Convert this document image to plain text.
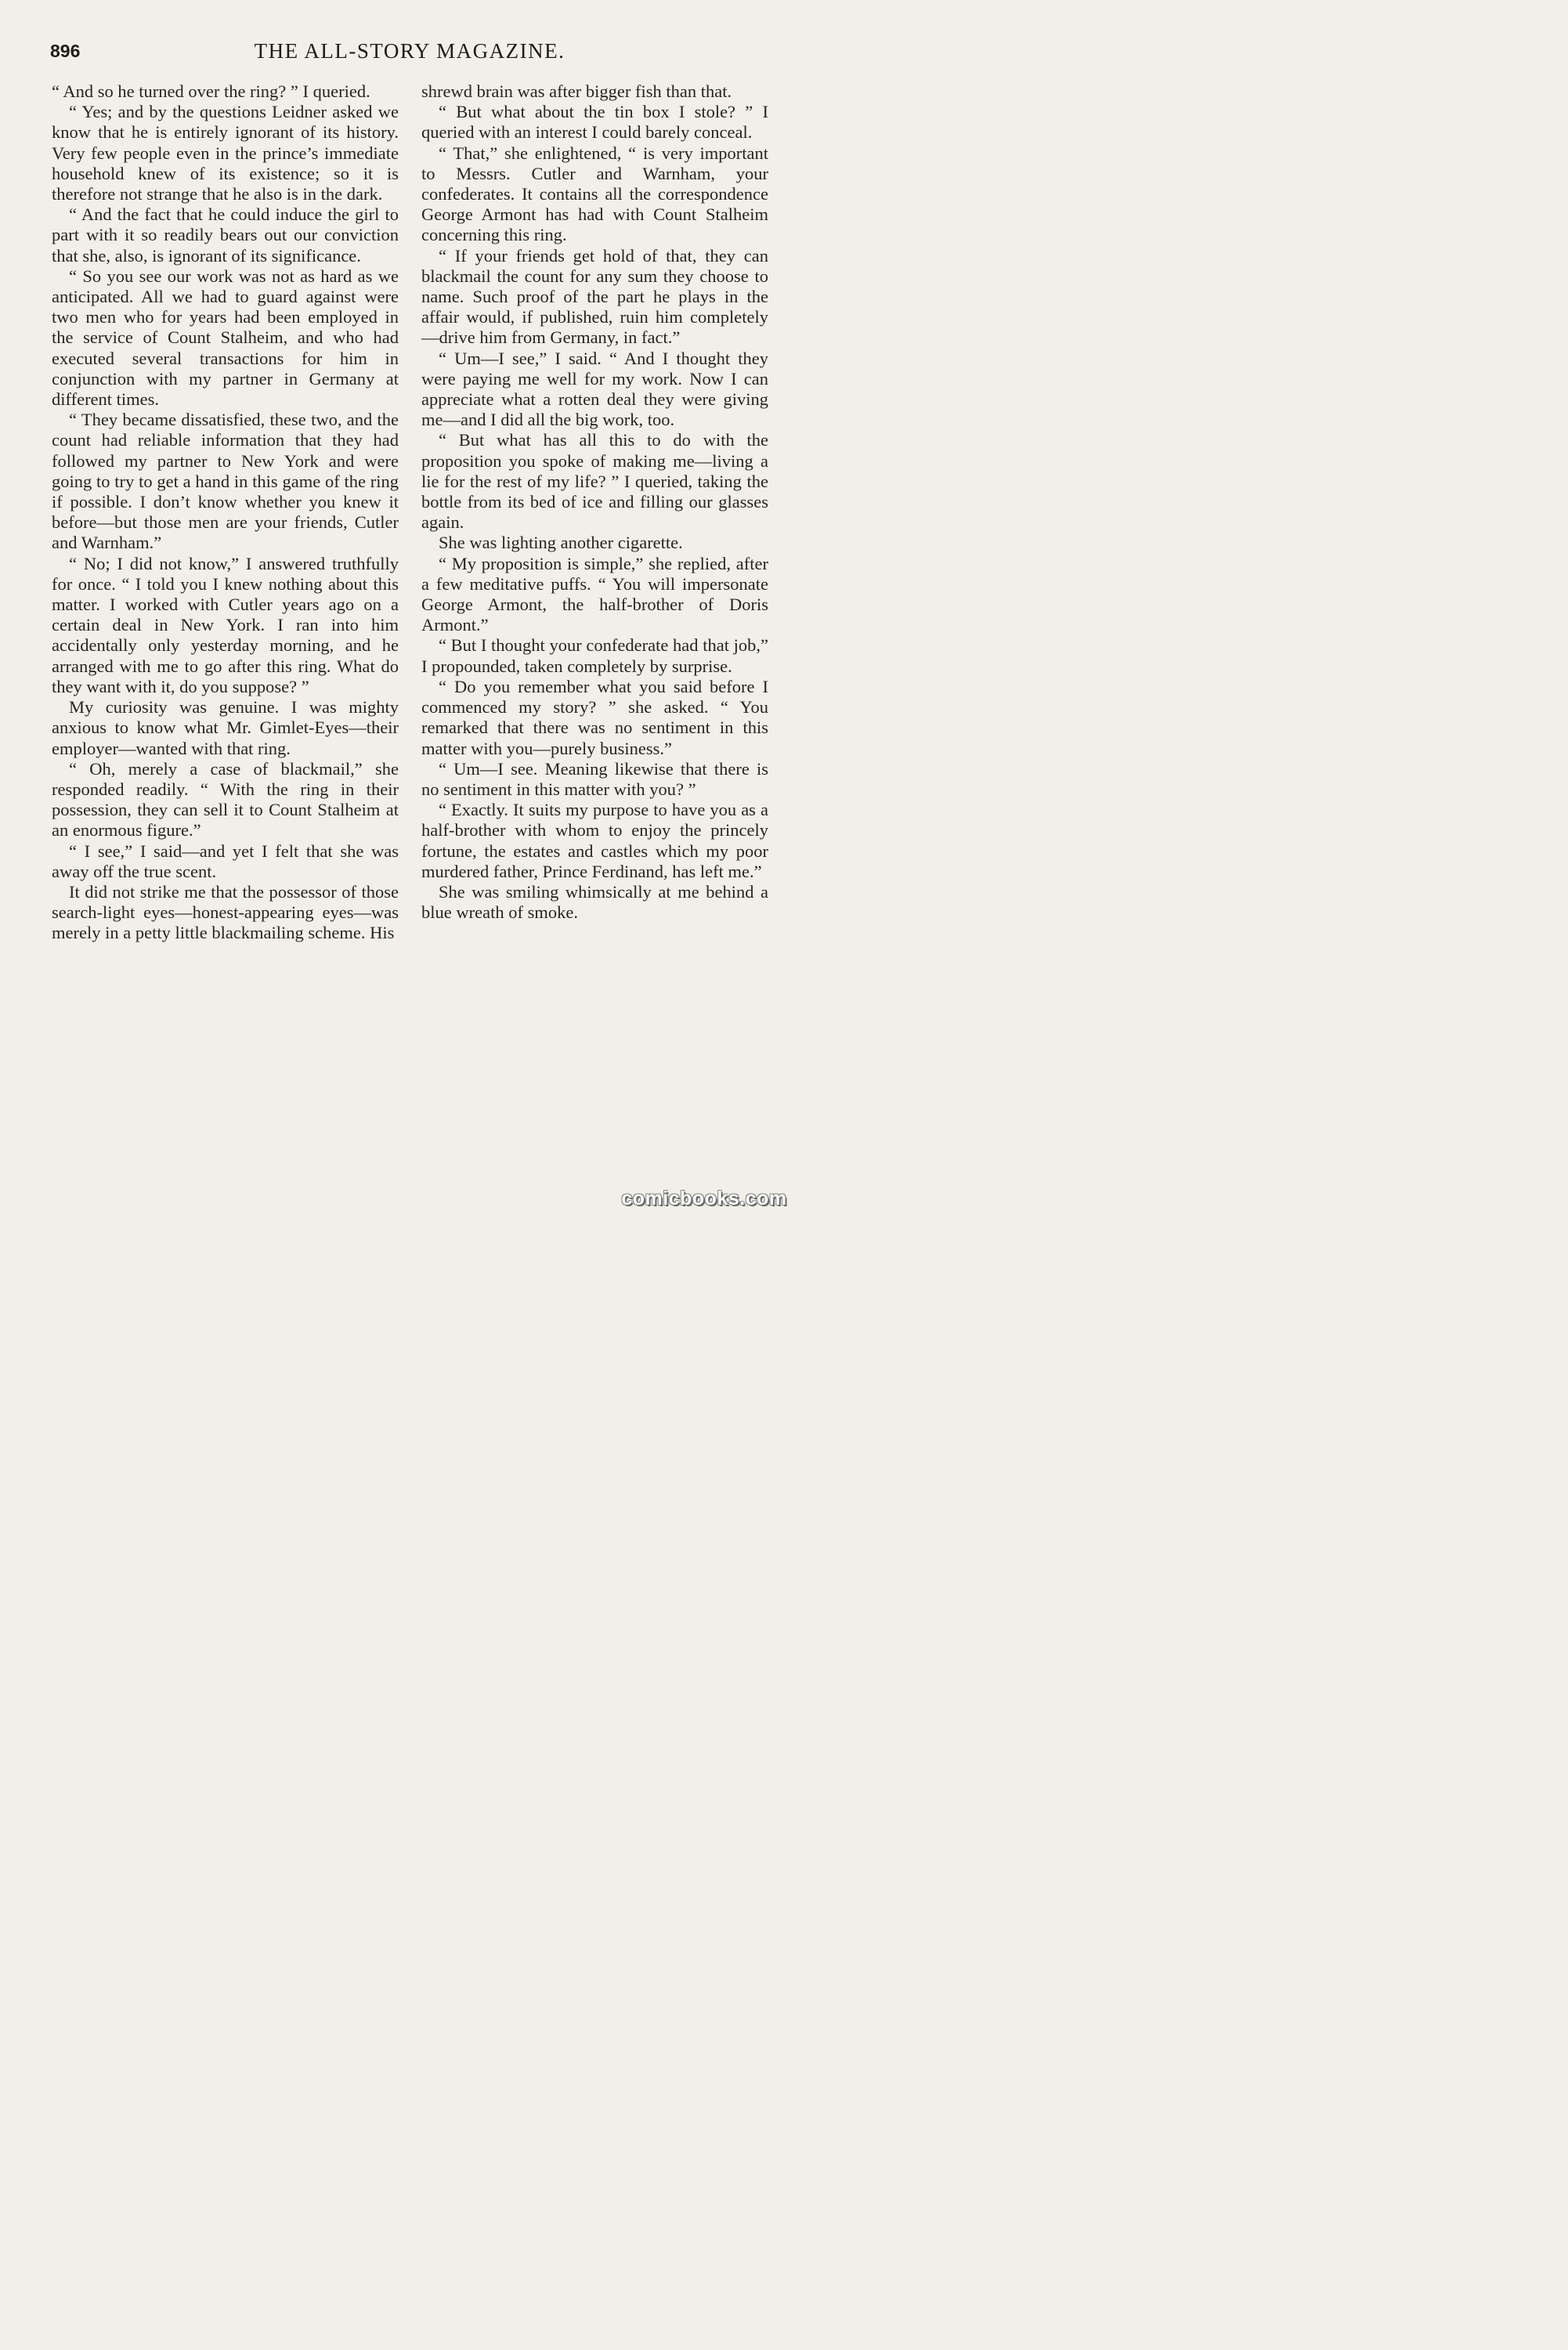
896	THE ALL-STORY MAGAZINE.

“ And so he turned over the ring? ” I queried.

“ Yes; and by the questions Leidner asked we know that he is entirely ignorant of its history. Very few people even in the prince’s immediate household knew of its existence; so it is therefore not strange that he also is in the dark.

“ And the fact that he could induce the girl to part with it so readily bears out our conviction that she, also, is ignorant of its significance.

“ So you see our work was not as hard as we anticipated. All we had to guard against were two men who for years had been employed in the service of Count Stalheim, and who had executed several transactions for him in conjunction with my partner in Germany at different times.

“ They became dissatisfied, these two, and the count had reliable information that they had followed my partner to New York and were going to try to get a hand in this game of the ring if possible. I don’t know whether you knew it before—but those men are your friends, Cutler and Warnham.”

“ No; I did not know,” I answered truthfully for once. “ I told you I knew nothing about this matter. I worked with Cutler years ago on a certain deal in New York. I ran into him accidentally only yesterday morning, and he arranged with me to go after this ring. What do they want with it, do you suppose? ”

My curiosity was genuine. I was mighty anxious to know what Mr. Gimlet-Eyes—their employer—wanted with that ring.

“ Oh, merely a case of blackmail,” she responded readily. “ With the ring in their possession, they can sell it to Count Stalheim at an enormous figure.”

“ I see,” I said—and yet I felt that she was away off the true scent.

It did not strike me that the possessor of those search-light eyes—honest-appearing eyes—was merely in a petty little blackmailing scheme. His

shrewd brain was after bigger fish than that.

“ But what about the tin box I stole? ” I queried with an interest I could barely conceal.

“ That,” she enlightened, “ is very important to Messrs. Cutler and Warnham, your confederates. It contains all the correspondence George Armont has had with Count Stalheim concerning this ring.

“ If your friends get hold of that, they can blackmail the count for any sum they choose to name. Such proof of the part he plays in the affair would, if published, ruin him completely—drive him from Germany, in fact.”

“ Um—I see,” I said. “ And I thought they were paying me well for my work. Now I can appreciate what a rotten deal they were giving me—and I did all the big work, too.

“ But what has all this to do with the proposition you spoke of making me—living a lie for the rest of my life? ” I queried, taking the bottle from its bed of ice and filling our glasses again.

She was lighting another cigarette.

“ My proposition is simple,” she replied, after a few meditative puffs. “ You will impersonate George Armont, the half-brother of Doris Armont.”

“ But I thought your confederate had that job,” I propounded, taken completely by surprise.

“ Do you remember what you said before I commenced my story? ” she asked. “ You remarked that there was no sentiment in this matter with you—purely business.”

“ Um—I see. Meaning likewise that there is no sentiment in this matter with you? ”

“ Exactly. It suits my purpose to have you as a half-brother with whom to enjoy the princely fortune, the estates and castles which my poor murdered father, Prince Ferdinand, has left me.”

She was smiling whimsically at me behind a blue wreath of smoke.

comicbooks.com
